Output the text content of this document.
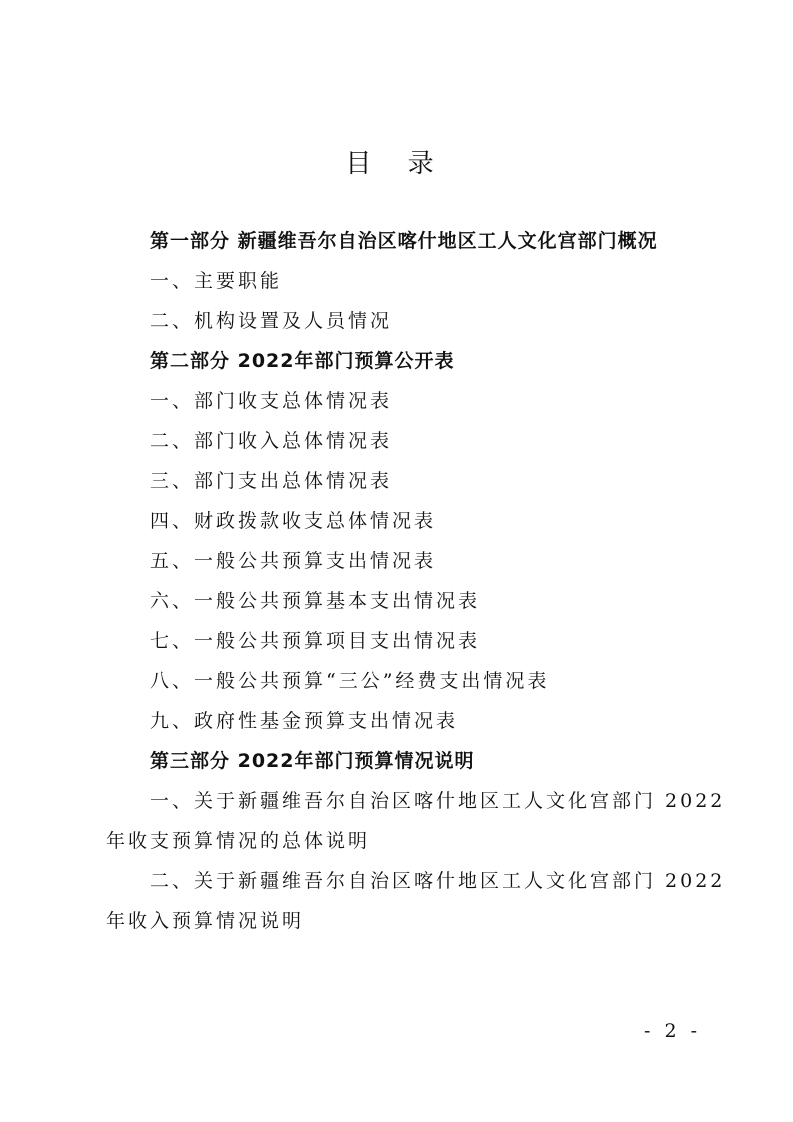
目 录
第一部分 新疆维吾尔自治区喀什地区工人文化宫部门概况
一、主要职能
二、机构设置及人员情况
第二部分 2022年部门预算公开表
一、部门收支总体情况表
二、部门收入总体情况表
三、部门支出总体情况表
四、财政拨款收支总体情况表
五、一般公共预算支出情况表
六、一般公共预算基本支出情况表
七、一般公共预算项目支出情况表
八、一般公共预算“三公”经费支出情况表
九、政府性基金预算支出情况表
第三部分 2022年部门预算情况说明
一、关于新疆维吾尔自治区喀什地区工人文化宫部门 2022
年收支预算情况的总体说明
二、关于新疆维吾尔自治区喀什地区工人文化宫部门 2022
年收入预算情况说明
- 2 -
